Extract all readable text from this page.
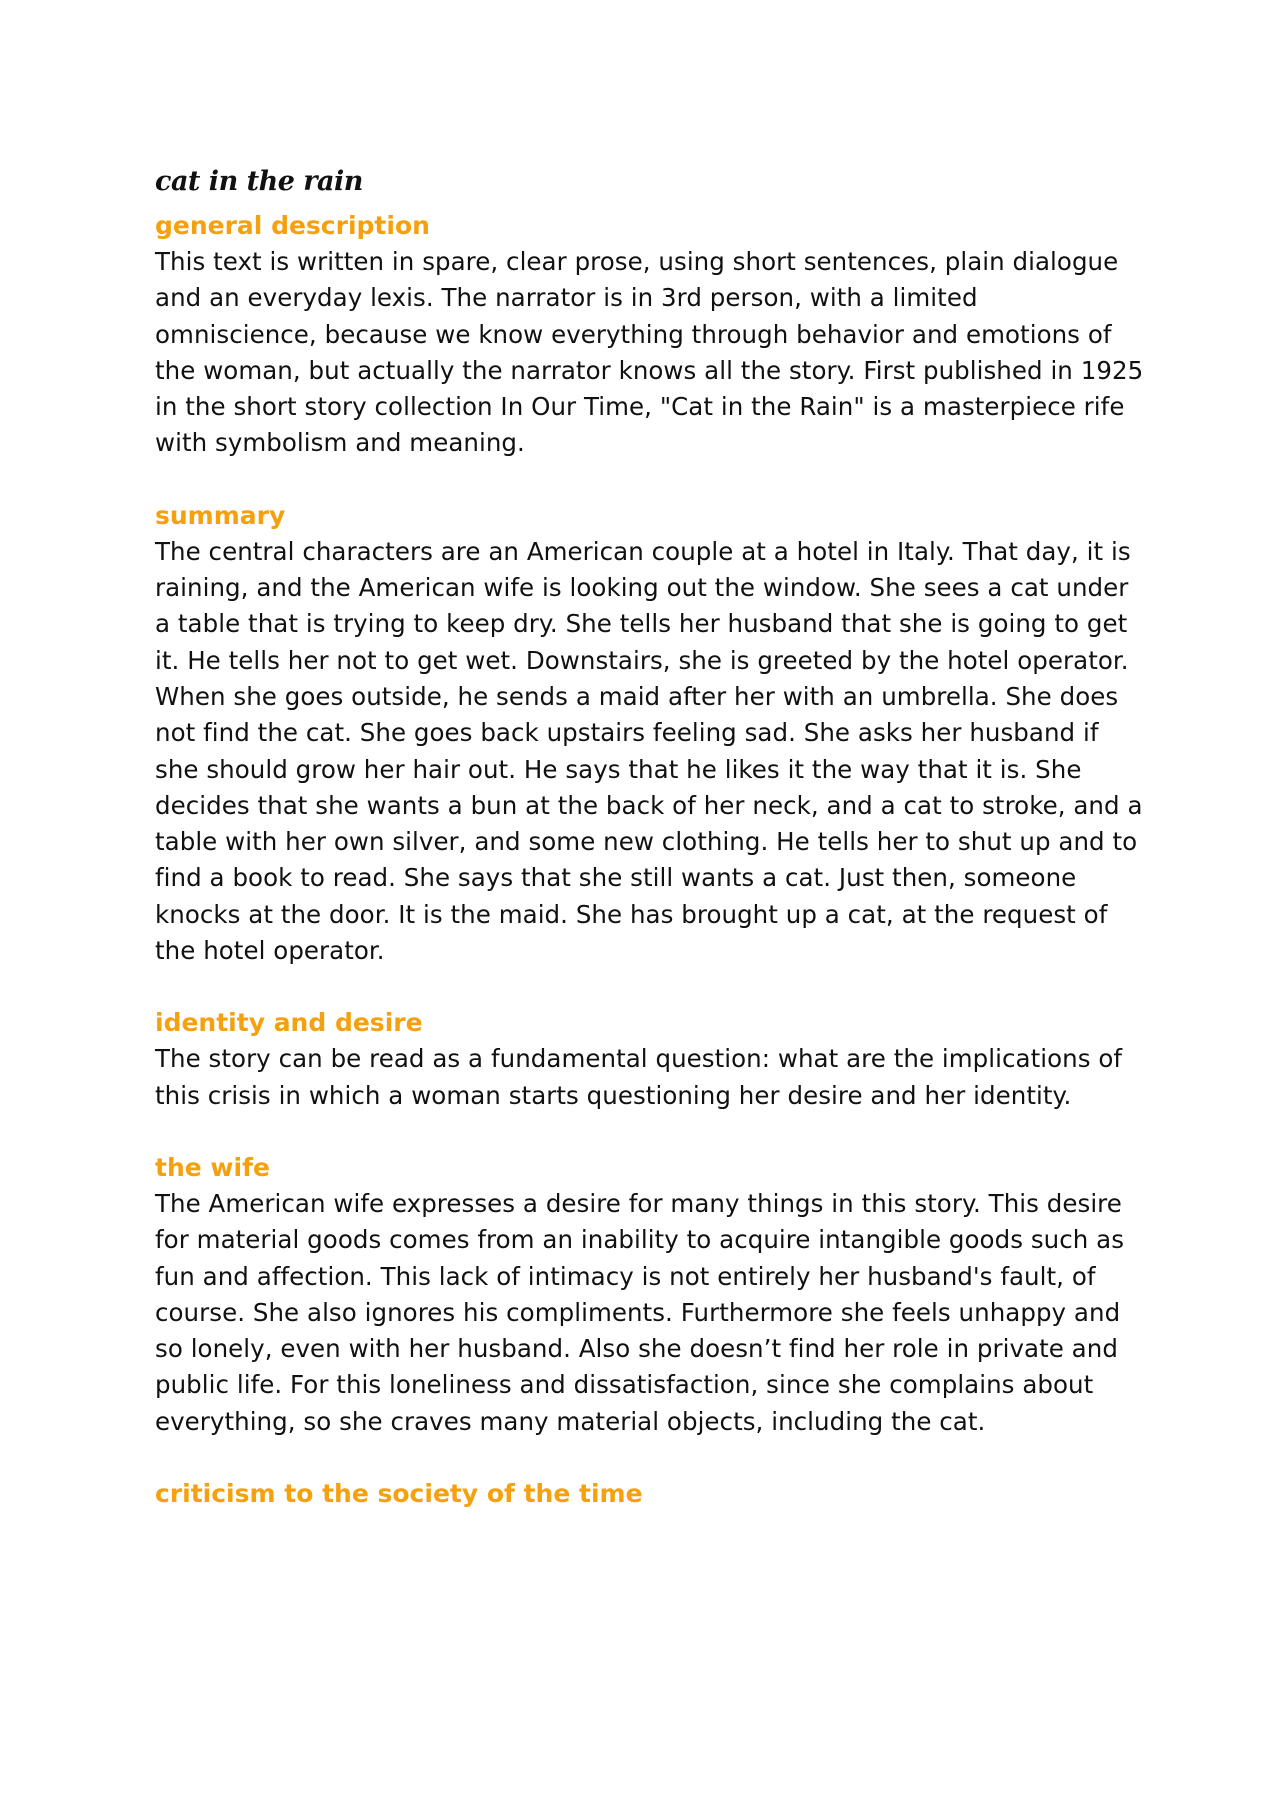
cat in the rain
general description

This text is written in spare, clear prose, using short sentences, plain dialogue and an everyday lexis. The narrator is in 3rd person, with a limited omniscience, because we know everything through behavior and emotions of the woman, but actually the narrator knows all the story. First published in 1925 in the short story collection In Our Time, "Cat in the Rain" is a masterpiece rife with symbolism and meaning.

summary

The central characters are an American couple at a hotel in Italy. That day, it is raining, and the American wife is looking out the window. She sees a cat under a table that is trying to keep dry. She tells her husband that she is going to get it. He tells her not to get wet. Downstairs, she is greeted by the hotel operator. When she goes outside, he sends a maid after her with an umbrella. She does not find the cat. She goes back upstairs feeling sad. She asks her husband if she should grow her hair out. He says that he likes it the way that it is. She decides that she wants a bun at the back of her neck, and a cat to stroke, and a table with her own silver, and some new clothing. He tells her to shut up and to find a book to read. She says that she still wants a cat. Just then, someone knocks at the door. It is the maid. She has brought up a cat, at the request of the hotel operator.

identity and desire

The story can be read as a fundamental question: what are the implications of this crisis in which a woman starts questioning her desire and her identity.

the wife

The American wife expresses a desire for many things in this story. This desire for material goods comes from an inability to acquire intangible goods such as fun and affection. This lack of intimacy is not entirely her husband's fault, of course. She also ignores his compliments. Furthermore she feels unhappy and so lonely, even with her husband. Also she doesn’t find her role in private and public life. For this loneliness and dissatisfaction, since she complains about everything, so she craves many material objects, including the cat.

criticism to the society of the time
